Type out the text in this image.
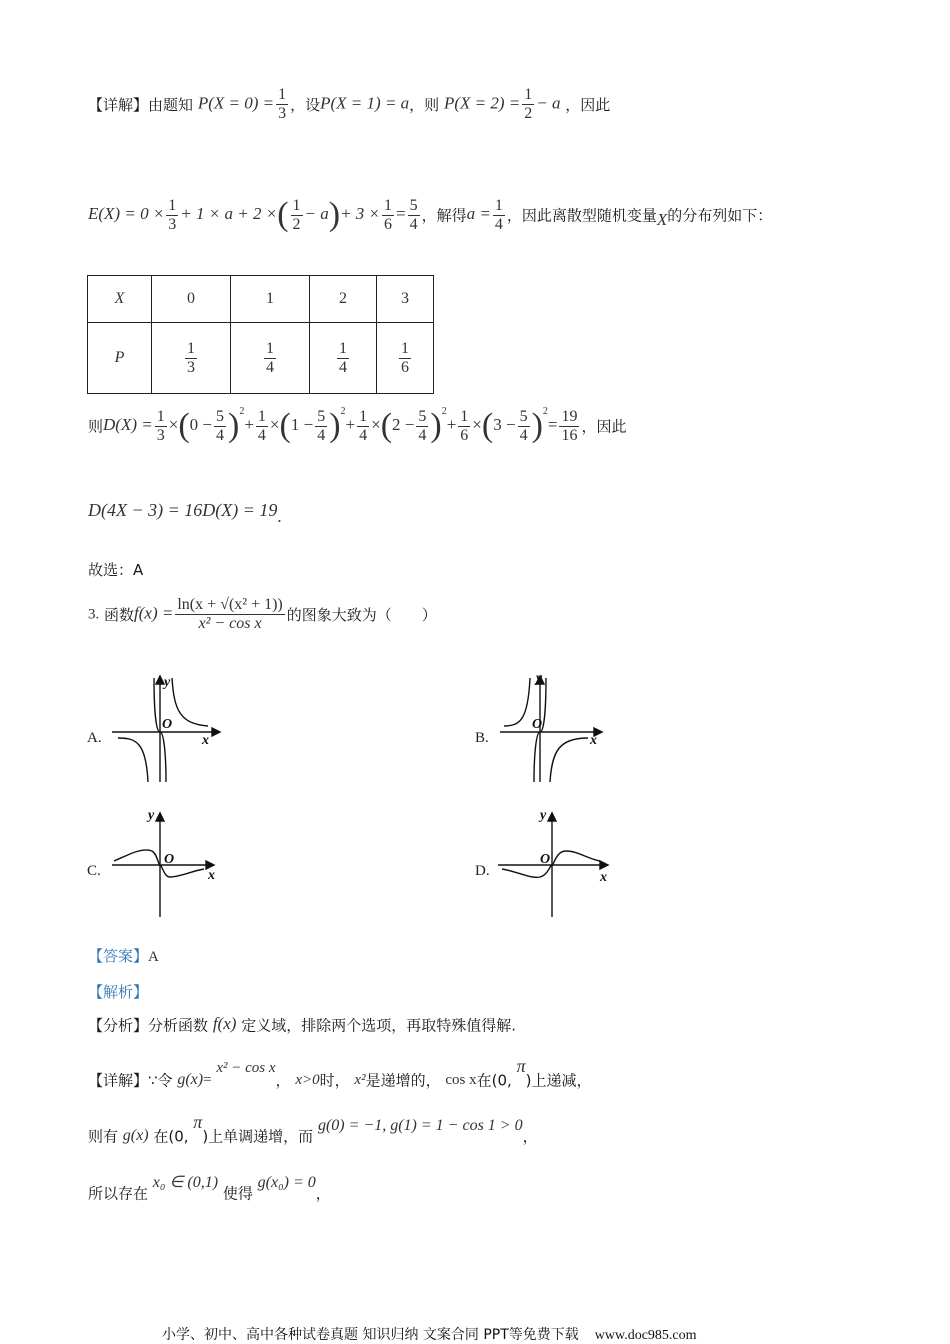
【详解】由题知 $P(X = 0) = \frac{1}{3}$ ，设P(X = 1) = a，则 $P(X = 2) = \frac{1}{2} - a$ ，因此
$E(X) = 0 \times \frac{1}{3} + 1 \times a + 2$ ×( $\frac{1}{2} - a)+ 3 \times \frac{1}{6} = \frac{5}{4}$ ，解得$a = \frac{1}{4}$ ，因此离散型随机变量X的分布列如下：
X	0	1	2	3
P	$\frac{1}{3}$	$\frac{1}{4}$	$\frac{1}{4}$	$\frac{1}{6}$
则$D(X) = \frac{1}{3} \times(0 - \frac{5}{4} )^2+ \frac{1}{4} \times(1 - \frac{5}{4} )^2+ \frac{1}{4} \times(2 - \frac{5}{4} )^2+ \frac{1}{6} \times(3 - \frac{5}{4} )^2= \frac{19}{16}$ ，因此
D(4X − 3) = 16D(X) = 19.
故选：A
3. 函数$f(x) = \frac{\text{ln(x + √(x² + 1))}}{\text{x² − cos x}}$ 的图象大致为（　　）
A.	B.
C.	D.
y
O
x
y
O
x
y
O
x
y
O
x
【答案】A
【解析】
【分析】分析函数 f(x) 定义域，排除两个选项，再取特殊值得解.
【详解】∵令 g(x)= x² − cos x， x>0时， x²是递增的， cos x在(0, π)上递减，
则有 g(x) 在(0, π)上单调递增，而 g(0) = −1, g(1) = 1 − cos 1 > 0，
所以存在 x₀ ∈ (0,1) 使得 g(x₀) = 0，
小学、初中、高中各种试卷真题 知识归纳 文案合同 PPT等免费下载 www.doc985.com
